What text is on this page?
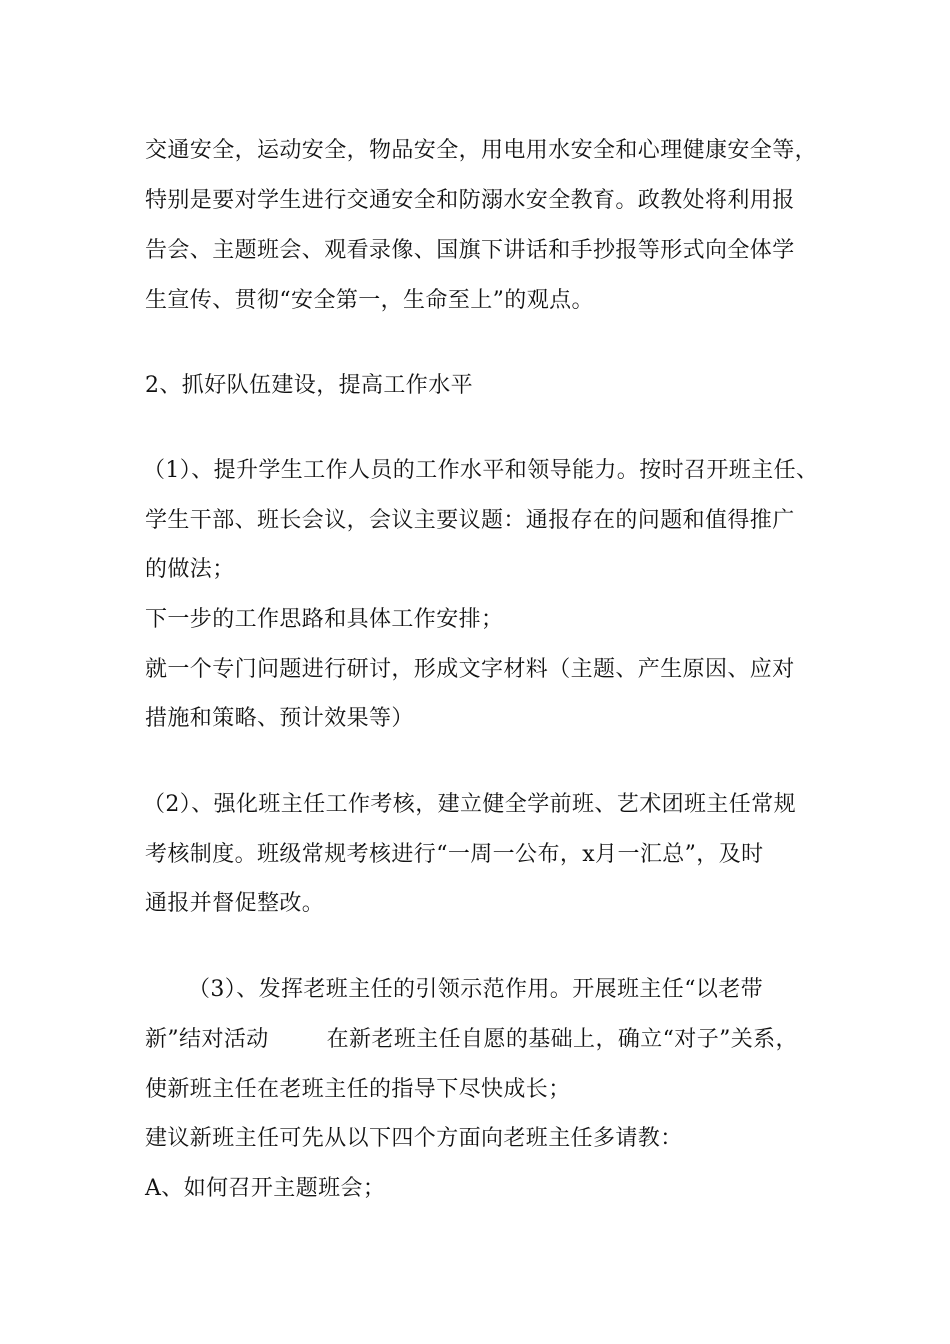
交通安全，运动安全，物品安全，用电用水安全和心理健康安全等，
特别是要对学生进行交通安全和防溺水安全教育。政教处将利用报
告会、主题班会、观看录像、国旗下讲话和手抄报等形式向全体学
生宣传、贯彻“安全第一，生命至上”的观点。
2、抓好队伍建设，提高工作水平
（1）、提升学生工作人员的工作水平和领导能力。按时召开班主任、
学生干部、班长会议，会议主要议题：通报存在的问题和值得推广
的做法；
下一步的工作思路和具体工作安排；
就一个专门问题进行研讨，形成文字材料（主题、产生原因、应对
措施和策略、预计效果等）
（2）、强化班主任工作考核，建立健全学前班、艺术团班主任常规
考核制度。班级常规考核进行“一周一公布，x月一汇总”，及时
通报并督促整改。
（3）、发挥老班主任的引领示范作用。开展班主任“以老带
新”结对活动	在新老班主任自愿的基础上，确立“对子”关系，
使新班主任在老班主任的指导下尽快成长；
建议新班主任可先从以下四个方面向老班主任多请教：
A、如何召开主题班会；
